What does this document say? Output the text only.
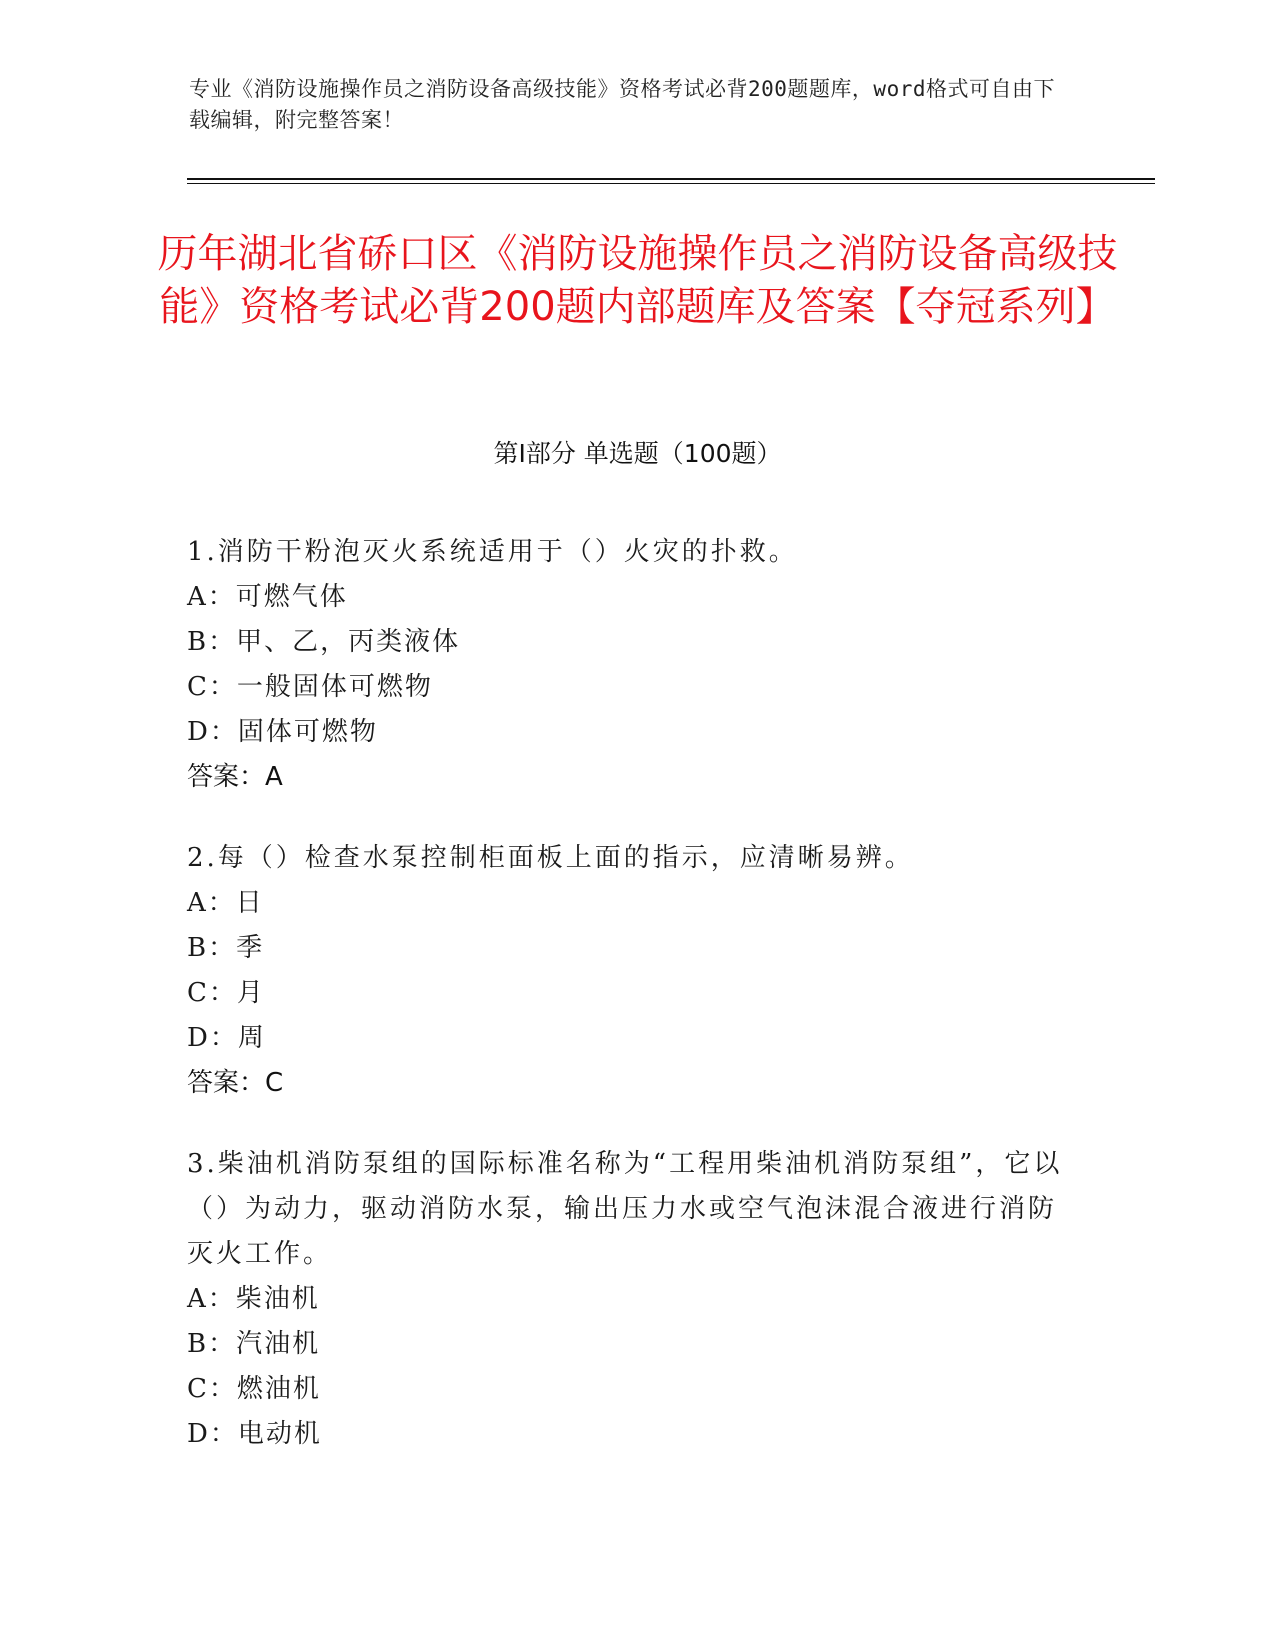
专业《消防设施操作员之消防设备高级技能》资格考试必背200题题库，word格式可自由下载编辑，附完整答案！
历年湖北省硚口区《消防设施操作员之消防设备高级技能》资格考试必背200题内部题库及答案【夺冠系列】
第Ⅰ部分 单选题（100题）
1.消防干粉泡灭火系统适用于（）火灾的扑救。
A：可燃气体
B：甲、乙，丙类液体
C：一般固体可燃物
D：固体可燃物
答案：A
2.每（）检查水泵控制柜面板上面的指示，应清晰易辨。
A：日
B：季
C：月
D：周
答案：C
3.柴油机消防泵组的国际标准名称为“工程用柴油机消防泵组”，它以（）为动力，驱动消防水泵，输出压力水或空气泡沫混合液进行消防灭火工作。
A：柴油机
B：汽油机
C：燃油机
D：电动机
